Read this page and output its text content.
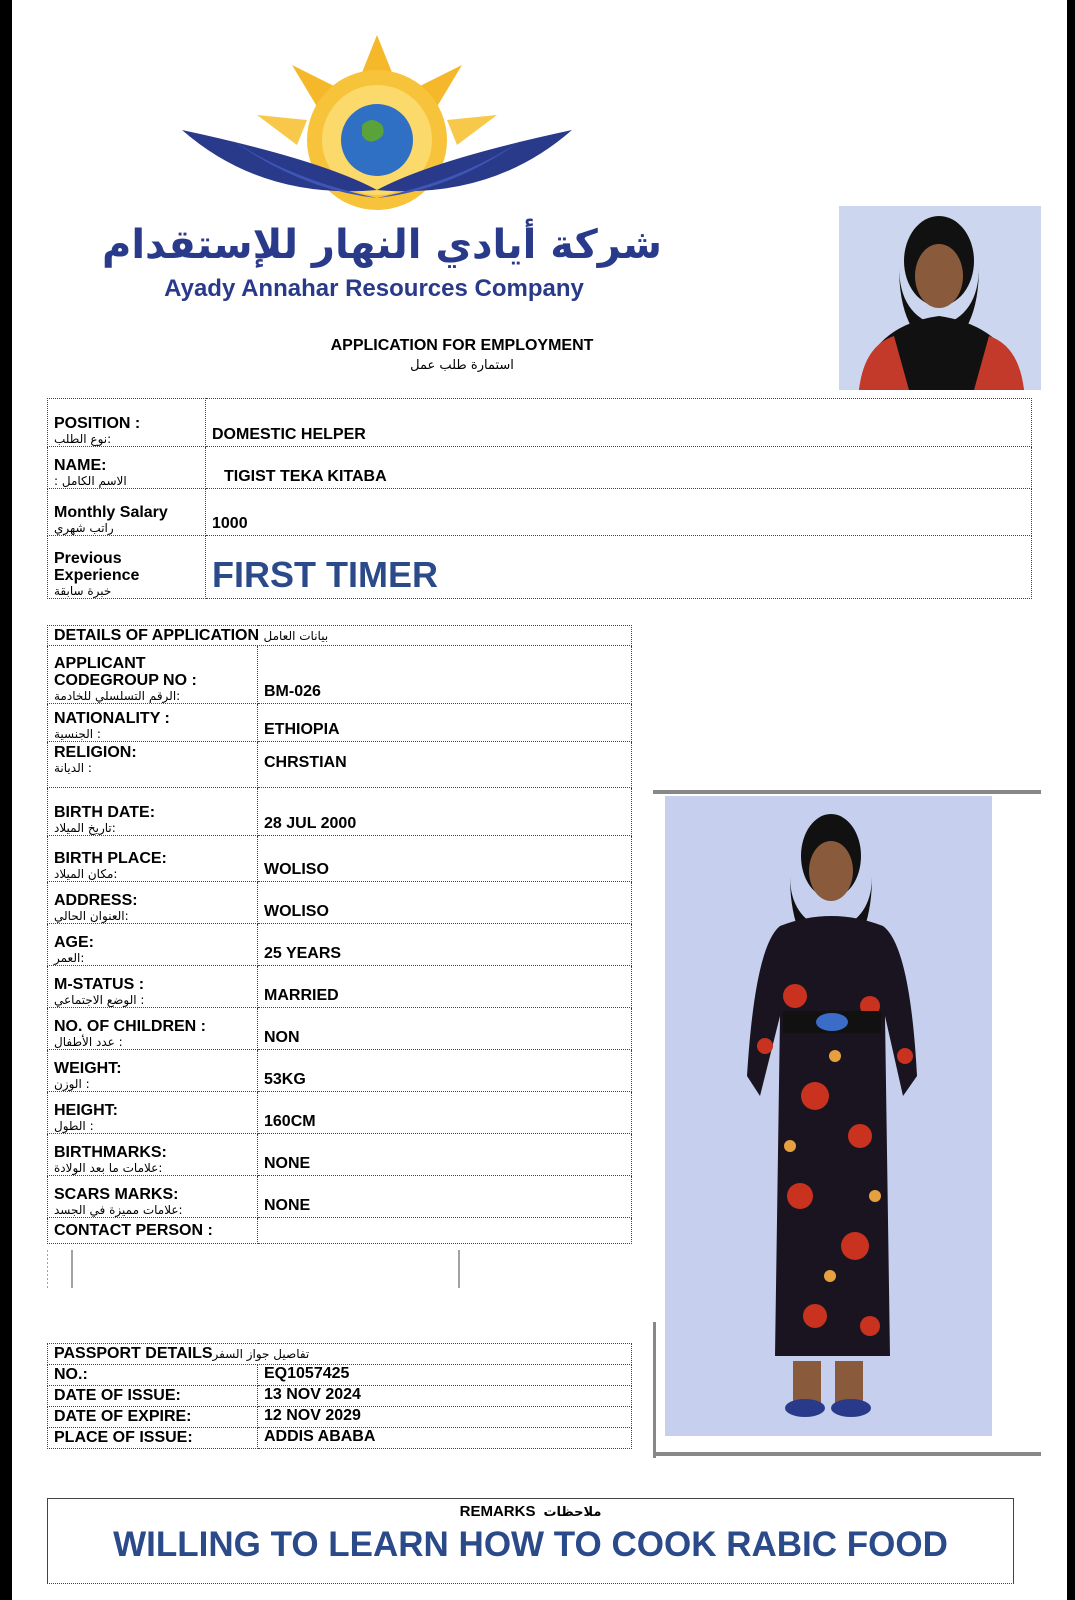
شركة أيادي النهار للإستقدام
Ayady Annahar Resources Company
APPLICATION FOR EMPLOYMENT
استمارة طلب عمل
POSITION :
:نوع الطلب	DOMESTIC HELPER

NAME:
الاسم الكامل :	TIGIST TEKA KITABA

Monthly Salary
راتب شهري	1000

Previous Experience
خبرة سابقة	FIRST TIMER
DETAILS OF APPLICATION بيانات العامل	

APPLICANT CODEGROUP NO :
:الرقم التسلسلي للخادمة	BM-026

NATIONALITY :
: الجنسية	ETHIOPIA

RELIGION:
: الديانة	CHRSTIAN

BIRTH DATE:
:تاريخ الميلاد	28 JUL 2000

BIRTH PLACE:
:مكان الميلاد	WOLISO

ADDRESS:
:العنوان الحالي	WOLISO

AGE:
:العمر	25 YEARS

M-STATUS :
: الوضع الاجتماعي	MARRIED

NO. OF CHILDREN :
: عدد الأطفال	NON

WEIGHT:
: الوزن	53KG

HEIGHT:
: الطول	160CM

BIRTHMARKS:
:علامات ما بعد الولادة	NONE

SCARS MARKS:
:علامات مميزة في الجسد	NONE

CONTACT PERSON :	

PASSPORT DETAILSتفاصيل جواز السفر	
NO.:	EQ1057425
DATE OF ISSUE:	13 NOV 2024
DATE OF EXPIRE:	12 NOV 2029
PLACE OF ISSUE:	ADDIS ABABA
REMARKS ملاحظات
WILLING TO LEARN HOW TO COOK RABIC FOOD
